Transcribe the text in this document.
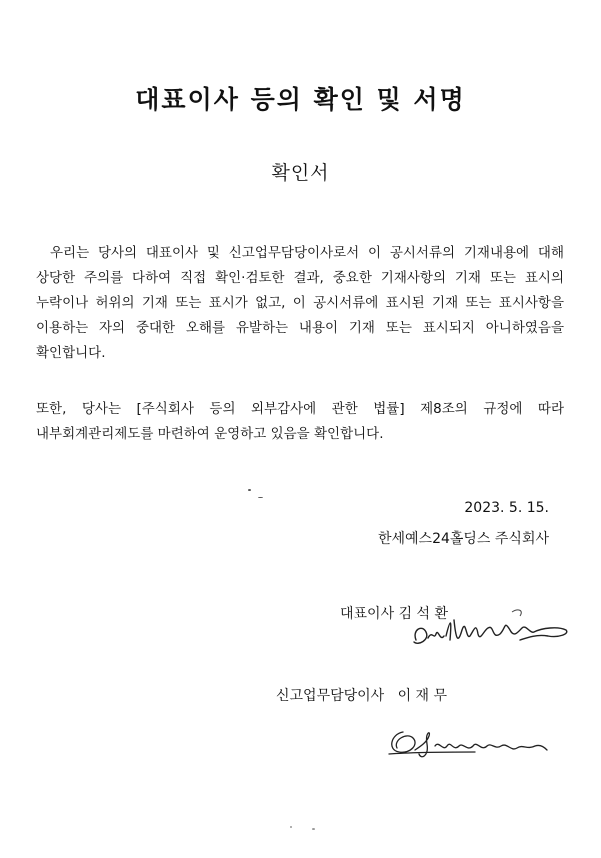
대표이사 등의 확인 및 서명
확인서
우리는 당사의 대표이사 및 신고업무담당이사로서 이 공시서류의 기재내용에 대해 상당한 주의를 다하여 직접 확인·검토한 결과, 중요한 기재사항의 기재 또는 표시의 누락이나 허위의 기재 또는 표시가 없고, 이 공시서류에 표시된 기재 또는 표시사항을 이용하는 자의 중대한 오해를 유발하는 내용이 기재 또는 표시되지 아니하였음을 확인합니다.
또한, 당사는 [주식회사 등의 외부감사에 관한 법률] 제8조의 규정에 따라 내부회계관리제도를 마련하여 운영하고 있음을 확인합니다.
2023. 5. 15.
한세예스24홀딩스 주식회사
대표이사 김 석 환
신고업무담당이사 이 재 무
